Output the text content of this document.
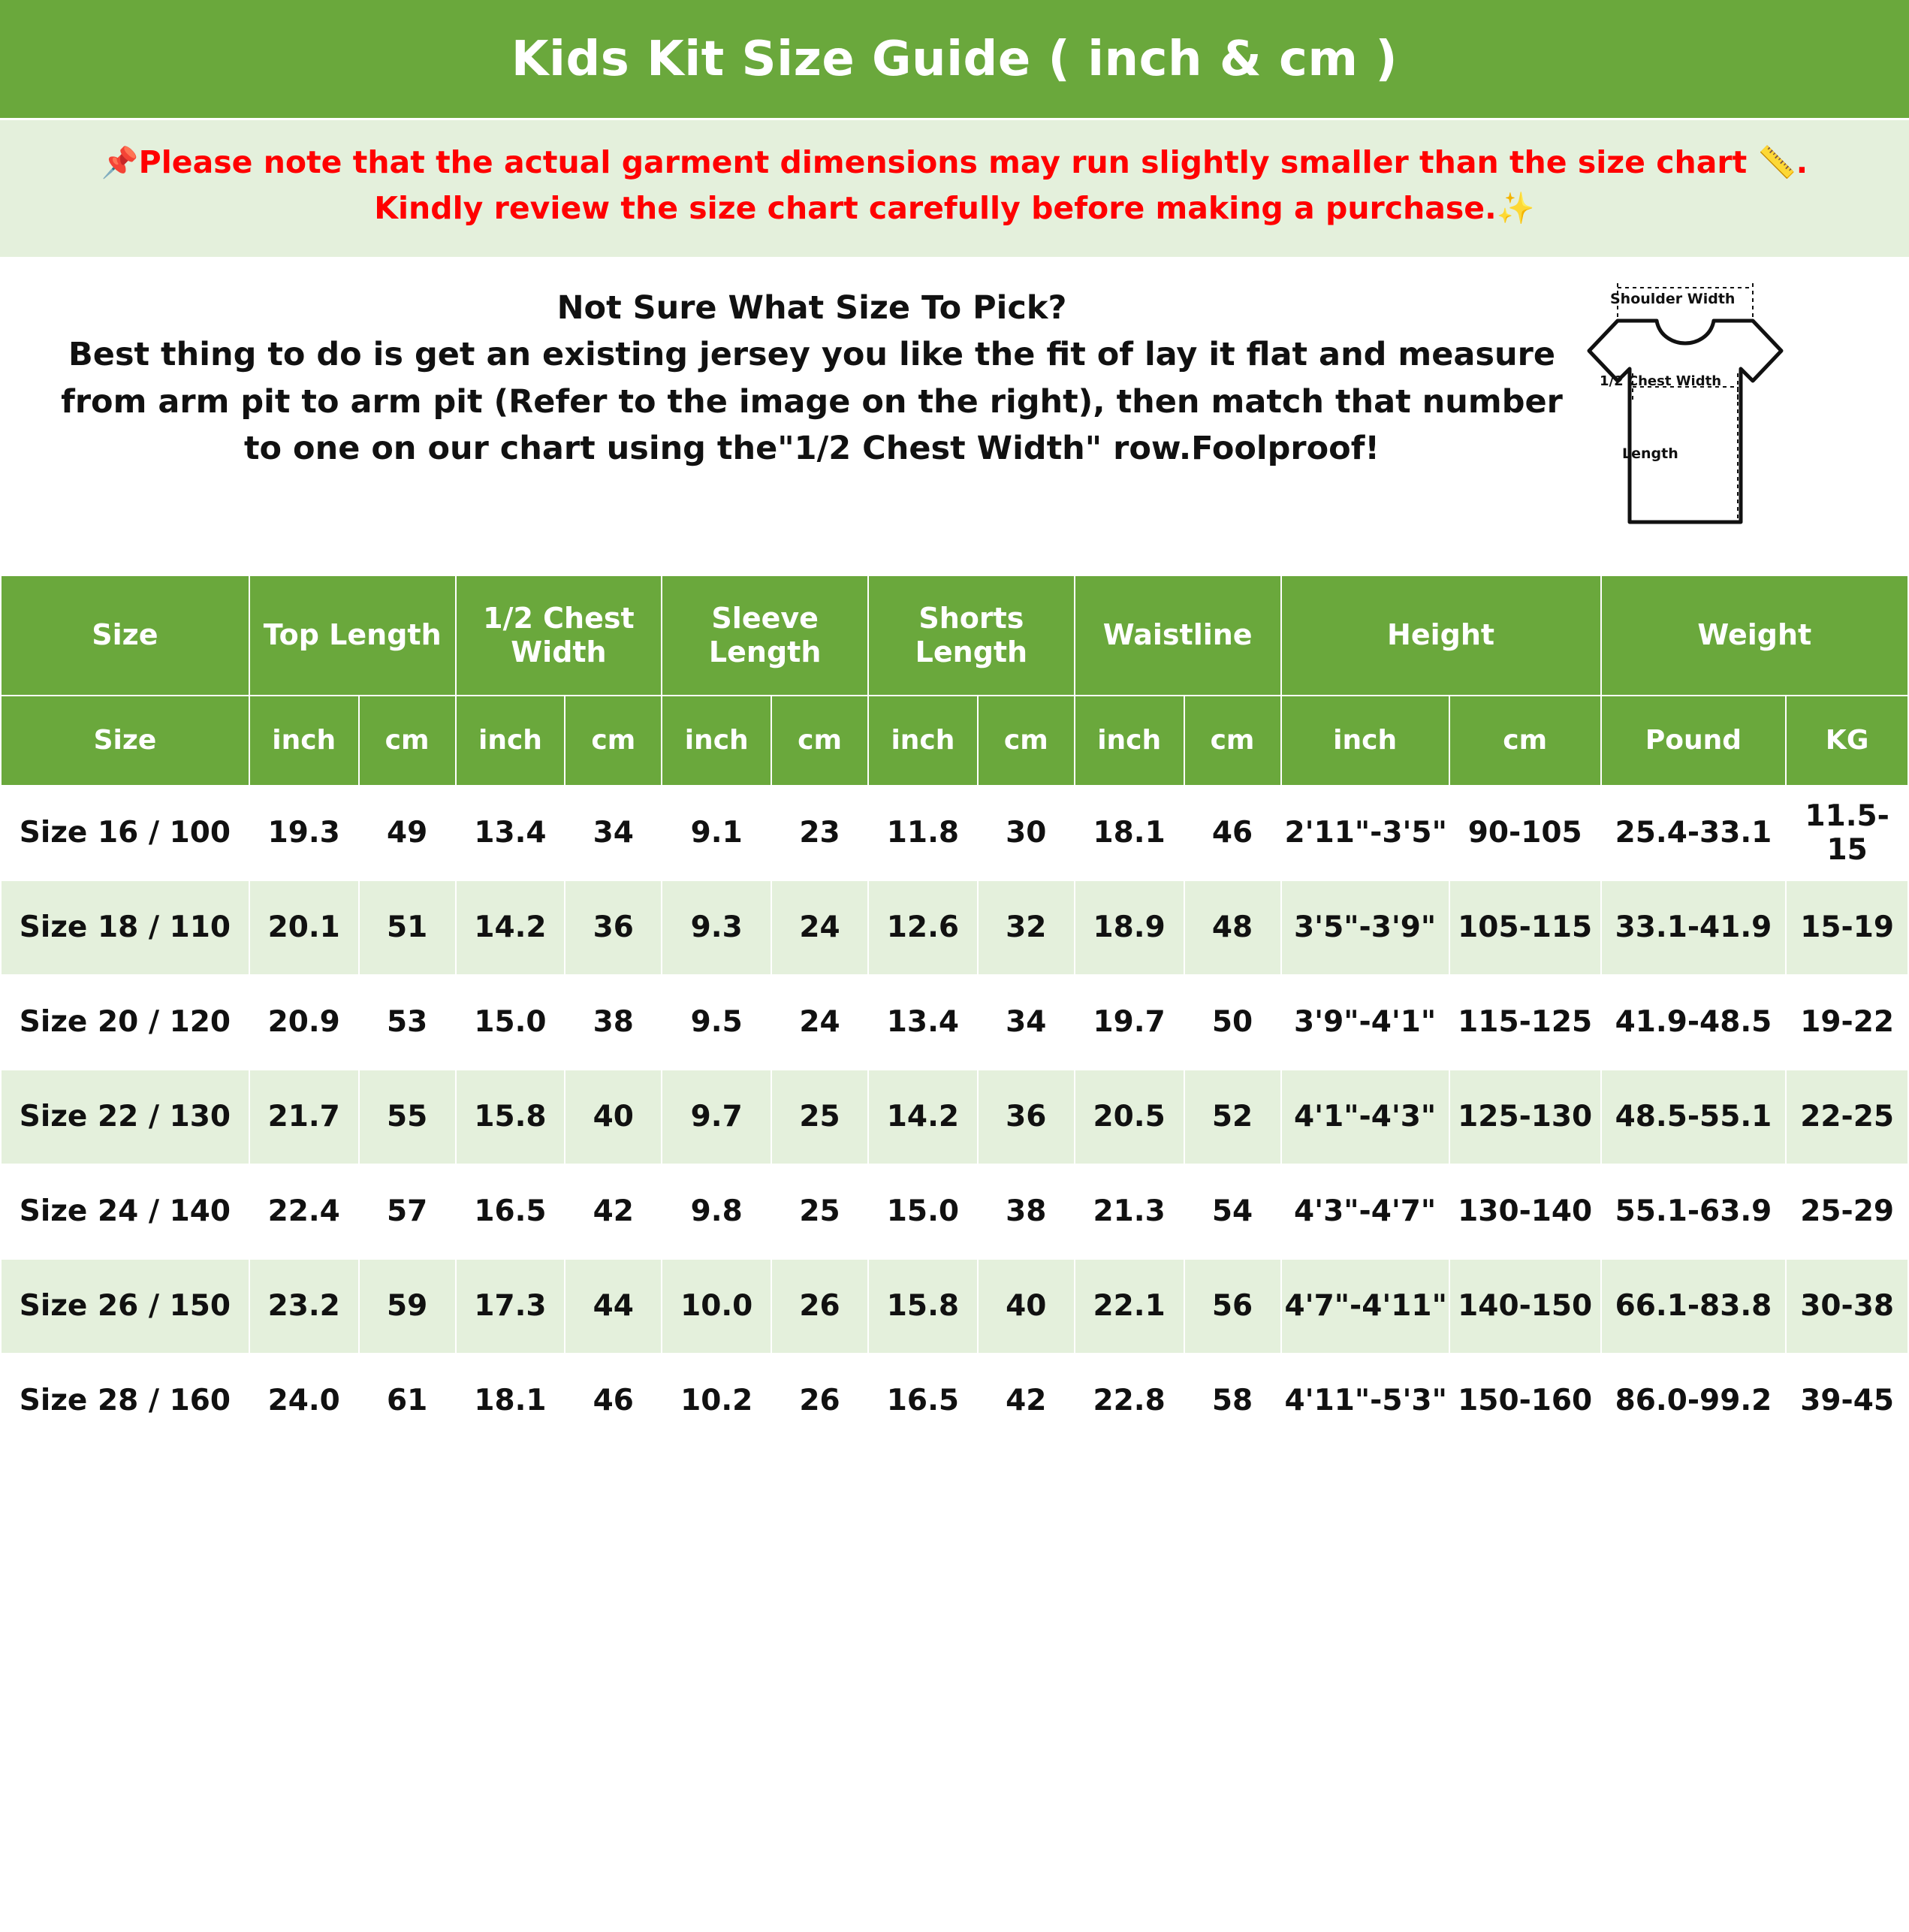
Kids Kit Size Guide ( inch & cm )
📌Please note that the actual garment dimensions may run slightly smaller than the size chart 📏.
Kindly review the size chart carefully before making a purchase.✨
Not Sure What Size To Pick?
Best thing to do is get an existing jersey you like the fit of lay it flat and measure
from arm pit to arm pit (Refer to the image on the right), then match that number
to one on our chart using the"1/2 Chest Width" row.Foolproof!
Shoulder Width
1/2 Chest Width
Length
Size	Top Length		1/2 Chest Width		Sleeve Length		Shorts Length		Waistline		Height		Weight	
Size	inch	cm	inch	cm	inch	cm	inch	cm	inch	cm	inch	cm	Pound	KG
Size 16 / 100	19.3	49	13.4	34	9.1	23	11.8	30	18.1	46	2'11"-3'5"	90-105	25.4-33.1	11.5-15
Size 18 / 110	20.1	51	14.2	36	9.3	24	12.6	32	18.9	48	3'5"-3'9"	105-115	33.1-41.9	15-19
Size 20 / 120	20.9	53	15.0	38	9.5	24	13.4	34	19.7	50	3'9"-4'1"	115-125	41.9-48.5	19-22
Size 22 / 130	21.7	55	15.8	40	9.7	25	14.2	36	20.5	52	4'1"-4'3"	125-130	48.5-55.1	22-25
Size 24 / 140	22.4	57	16.5	42	9.8	25	15.0	38	21.3	54	4'3"-4'7"	130-140	55.1-63.9	25-29
Size 26 / 150	23.2	59	17.3	44	10.0	26	15.8	40	22.1	56	4'7"-4'11"	140-150	66.1-83.8	30-38
Size 28 / 160	24.0	61	18.1	46	10.2	26	16.5	42	22.8	58	4'11"-5'3"	150-160	86.0-99.2	39-45
